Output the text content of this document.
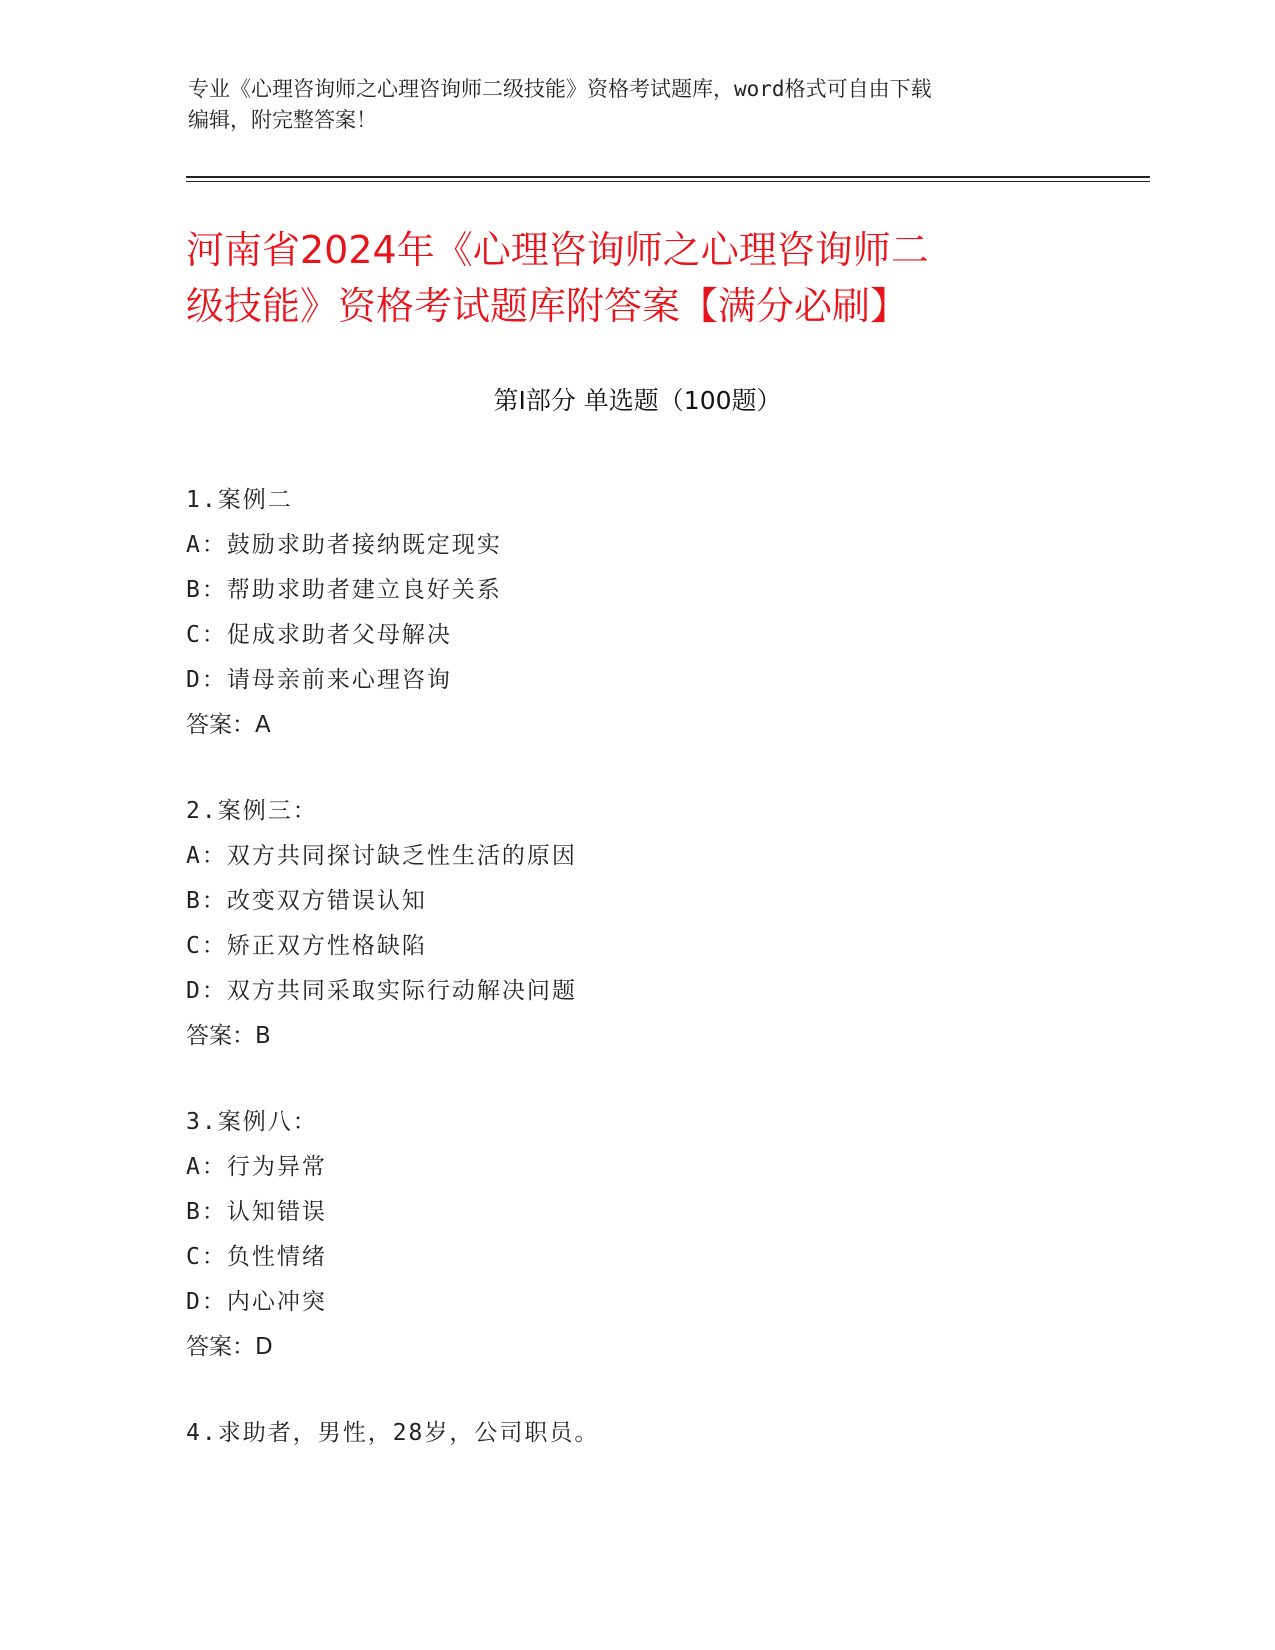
专业《心理咨询师之心理咨询师二级技能》资格考试题库，word格式可自由下载
编辑，附完整答案！
河南省2024年《心理咨询师之心理咨询师二
级技能》资格考试题库附答案【满分必刷】
第Ⅰ部分 单选题（100题）
1.案例二
A：鼓励求助者接纳既定现实
B：帮助求助者建立良好关系
C：促成求助者父母解决
D：请母亲前来心理咨询
答案：A
2.案例三：
A：双方共同探讨缺乏性生活的原因
B：改变双方错误认知
C：矫正双方性格缺陷
D：双方共同采取实际行动解决问题
答案：B
3.案例八：
A：行为异常
B：认知错误
C：负性情绪
D：内心冲突
答案：D
4.求助者，男性，28岁，公司职员。
